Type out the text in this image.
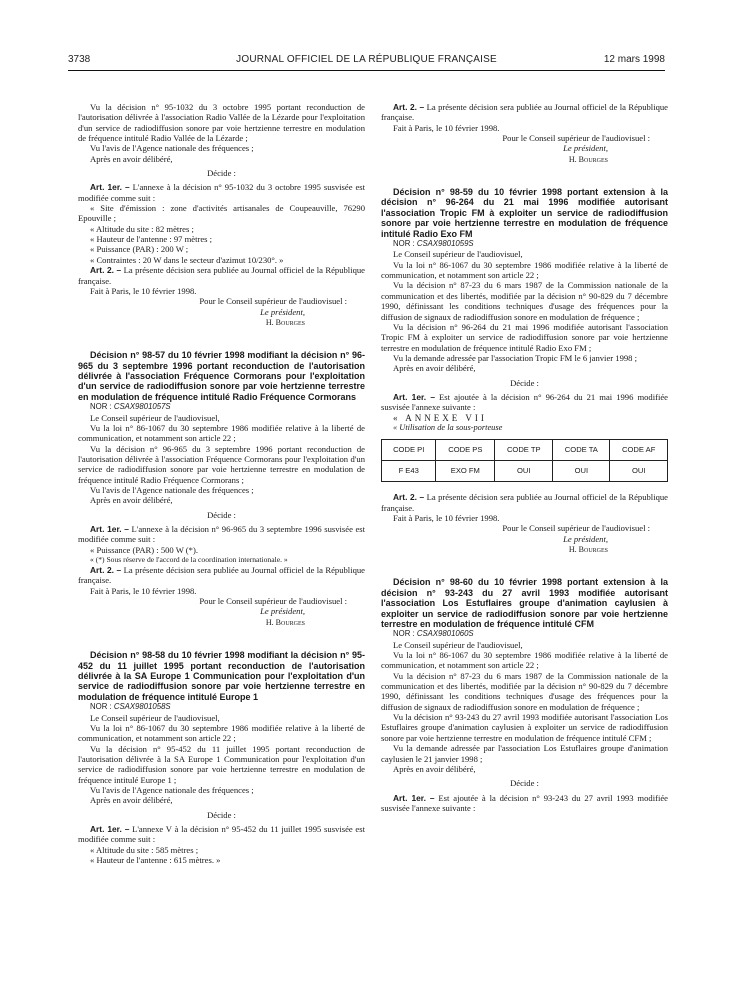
3738	JOURNAL OFFICIEL DE LA RÉPUBLIQUE FRANÇAISE	12 mars 1998

Vu la décision n° 95-1032 du 3 octobre 1995 portant reconduction de l'autorisation délivrée à l'association Radio Vallée de la Lézarde pour l'exploitation d'un service de radiodiffusion sonore par voie hertzienne terrestre en modulation de fréquence intitulé Radio Vallée de la Lézarde ;

Vu l'avis de l'Agence nationale des fréquences ;

Après en avoir délibéré,

Décide :

Art. 1er. – L'annexe à la décision n° 95-1032 du 3 octobre 1995 susvisée est modifiée comme suit :

« Site d'émission : zone d'activités artisanales de Coupeauville, 76290 Epouville ;

« Altitude du site : 82 mètres ;

« Hauteur de l'antenne : 97 mètres ;

« Puissance (PAR) : 200 W ;

« Contraintes : 20 W dans le secteur d'azimut 10/230°. »

Art. 2. – La présente décision sera publiée au Journal officiel de la République française.

Fait à Paris, le 10 février 1998.

Pour le Conseil supérieur de l'audiovisuel :

Le président,

H. Bourges

Décision n° 98-57 du 10 février 1998 modifiant la décision n° 96-965 du 3 septembre 1996 portant reconduction de l'autorisation délivrée à l'association Fréquence Cormorans pour l'exploitation d'un service de radiodiffusion sonore par voie hertzienne terrestre en modulation de fréquence intitulé Radio Fréquence Cormorans

NOR : CSAX9801057S

Le Conseil supérieur de l'audiovisuel,

Vu la loi n° 86-1067 du 30 septembre 1986 modifiée relative à la liberté de communication, et notamment son article 22 ;

Vu la décision n° 96-965 du 3 septembre 1996 portant reconduction de l'autorisation délivrée à l'association Fréquence Cormorans pour l'exploitation d'un service de radiodiffusion sonore par voie hertzienne terrestre en modulation de fréquence intitulé Radio Fréquence Cormorans ;

Vu l'avis de l'Agence nationale des fréquences ;

Après en avoir délibéré,

Décide :

Art. 1er. – L'annexe à la décision n° 96-965 du 3 septembre 1996 susvisée est modifiée comme suit :

« Puissance (PAR) : 500 W (*).

« (*) Sous réserve de l'accord de la coordination internationale. »

Art. 2. – La présente décision sera publiée au Journal officiel de la République française.

Fait à Paris, le 10 février 1998.

Pour le Conseil supérieur de l'audiovisuel :

Le président,

H. Bourges

Décision n° 98-58 du 10 février 1998 modifiant la décision n° 95-452 du 11 juillet 1995 portant reconduction de l'autorisation délivrée à la SA Europe 1 Communication pour l'exploitation d'un service de radiodiffusion sonore par voie hertzienne terrestre en modulation de fréquence intitulé Europe 1

NOR : CSAX9801058S

Le Conseil supérieur de l'audiovisuel,

Vu la loi n° 86-1067 du 30 septembre 1986 modifiée relative à la liberté de communication, et notamment son article 22 ;

Vu la décision n° 95-452 du 11 juillet 1995 portant reconduction de l'autorisation délivrée à la SA Europe 1 Communication pour l'exploitation d'un service de radiodiffusion sonore par voie hertzienne terrestre en modulation de fréquence intitulé Europe 1 ;

Vu l'avis de l'Agence nationale des fréquences ;

Après en avoir délibéré,

Décide :

Art. 1er. – L'annexe V à la décision n° 95-452 du 11 juillet 1995 susvisée est modifiée comme suit :

« Altitude du site : 585 mètres ;

« Hauteur de l'antenne : 615 mètres. »

Art. 2. – La présente décision sera publiée au Journal officiel de la République française.

Fait à Paris, le 10 février 1998.

Pour le Conseil supérieur de l'audiovisuel :

Le président,

H. Bourges

Décision n° 98-59 du 10 février 1998 portant extension à la décision n° 96-264 du 21 mai 1996 modifiée autorisant l'association Tropic FM à exploiter un service de radiodiffusion sonore par voie hertzienne terrestre en modulation de fréquence intitulé Radio Exo FM

NOR : CSAX9801059S

Le Conseil supérieur de l'audiovisuel,

Vu la loi n° 86-1067 du 30 septembre 1986 modifiée relative à la liberté de communication, et notamment son article 22 ;

Vu la décision n° 87-23 du 6 mars 1987 de la Commission nationale de la communication et des libertés, modifiée par la décision n° 90-829 du 7 décembre 1990, définissant les conditions techniques d'usage des fréquences pour la diffusion de signaux de radiodiffusion sonore en modulation de fréquence ;

Vu la décision n° 96-264 du 21 mai 1996 modifiée autorisant l'association Tropic FM à exploiter un service de radiodiffusion sonore par voie hertzienne terrestre en modulation de fréquence intitulé Radio Exo FM ;

Vu la demande adressée par l'association Tropic FM le 6 janvier 1998 ;

Après en avoir délibéré,

Décide :

Art. 1er. – Est ajoutée à la décision n° 96-264 du 21 mai 1996 modifiée susvisée l'annexe suivante :

« ANNEXE VII

« Utilisation de la sous-porteuse

CODE PI	CODE PS	CODE TP	CODE TA	CODE AF
F E43	EXO FM	OUI	OUI	OUI

Art. 2. – La présente décision sera publiée au Journal officiel de la République française.

Fait à Paris, le 10 février 1998.

Pour le Conseil supérieur de l'audiovisuel :

Le président,

H. Bourges

Décision n° 98-60 du 10 février 1998 portant extension à la décision n° 93-243 du 27 avril 1993 modifiée autorisant l'association Los Estuflaires groupe d'animation caylusien à exploiter un service de radiodiffusion sonore par voie hertzienne terrestre en modulation de fréquence intitulé CFM

NOR : CSAX9801060S

Le Conseil supérieur de l'audiovisuel,

Vu la loi n° 86-1067 du 30 septembre 1986 modifiée relative à la liberté de communication, et notamment son article 22 ;

Vu la décision n° 87-23 du 6 mars 1987 de la Commission nationale de la communication et des libertés, modifiée par la décision n° 90-829 du 7 décembre 1990, définissant les conditions techniques d'usage des fréquences pour la diffusion de signaux de radiodiffusion sonore en modulation de fréquence ;

Vu la décision n° 93-243 du 27 avril 1993 modifiée autorisant l'association Los Estuflaires groupe d'animation caylusien à exploiter un service de radiodiffusion sonore par voie hertzienne terrestre en modulation de fréquence intitulé CFM ;

Vu la demande adressée par l'association Los Estuflaires groupe d'animation caylusien le 21 janvier 1998 ;

Après en avoir délibéré,

Décide :

Art. 1er. – Est ajoutée à la décision n° 93-243 du 27 avril 1993 modifiée susvisée l'annexe suivante :
